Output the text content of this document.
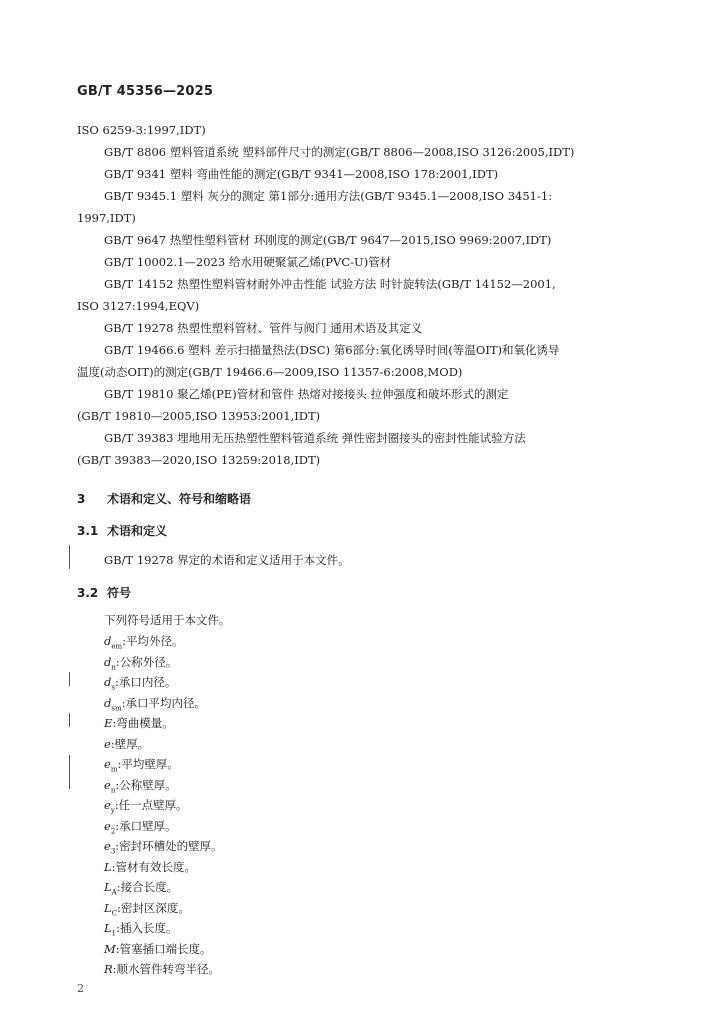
GB/T 45356—2025
ISO 6259-3:1997,IDT)
GB/T 8806 塑料管道系统 塑料部件尺寸的测定(GB/T 8806—2008,ISO 3126:2005,IDT)
GB/T 9341 塑料 弯曲性能的测定(GB/T 9341—2008,ISO 178:2001,IDT)
GB/T 9345.1 塑料 灰分的测定 第1部分:通用方法(GB/T 9345.1—2008,ISO 3451-1:
1997,IDT)
GB/T 9647 热塑性塑料管材 环刚度的测定(GB/T 9647—2015,ISO 9969:2007,IDT)
GB/T 10002.1—2023 给水用硬聚氯乙烯(PVC-U)管材
GB/T 14152 热塑性塑料管材耐外冲击性能 试验方法 时针旋转法(GB/T 14152—2001,
ISO 3127:1994,EQV)
GB/T 19278 热塑性塑料管材、管件与阀门 通用术语及其定义
GB/T 19466.6 塑料 差示扫描量热法(DSC) 第6部分:氧化诱导时间(等温OIT)和氧化诱导
温度(动态OIT)的测定(GB/T 19466.6—2009,ISO 11357-6:2008,MOD)
GB/T 19810 聚乙烯(PE)管材和管件 热熔对接接头 拉伸强度和破坏形式的测定
(GB/T 19810—2005,ISO 13953:2001,IDT)
GB/T 39383 埋地用无压热塑性塑料管道系统 弹性密封圈接头的密封性能试验方法
(GB/T 39383—2020,ISO 13259:2018,IDT)
3 术语和定义、符号和缩略语
3.1 术语和定义
GB/T 19278 界定的术语和定义适用于本文件。
3.2 符号
下列符号适用于本文件。
$d_{em}$:平均外径。
$d_n$:公称外径。
$d_s$:承口内径。
$d_{sm}$:承口平均内径。
E:弯曲模量。
e:壁厚。
$e_m$:平均壁厚。
$e_n$:公称壁厚。
$e_y$:任一点壁厚。
$e_2$:承口壁厚。
$e_3$:密封环槽处的壁厚。
L:管材有效长度。
$L_A$:接合长度。
$L_C$:密封区深度。
$L_1$:插入长度。
M:管塞插口端长度。
R:顺水管件转弯半径。
2
